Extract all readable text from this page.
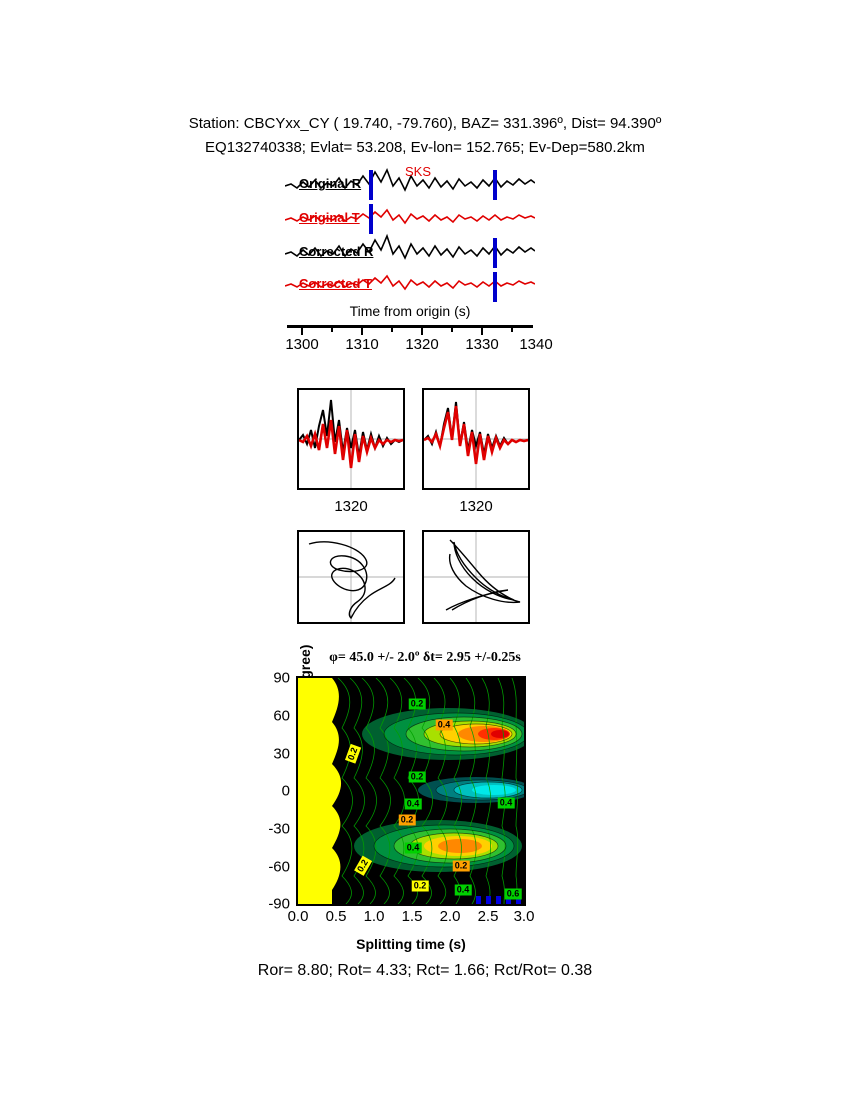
Station: CBCYxx_CY ( 19.740, -79.760), BAZ= 331.396º, Dist= 94.390º
EQ132740338; Evlat= 53.208, Ev-lon= 152.765; Ev-Dep=580.2km
Original R
Original T
Corrected R
Corrected T
SKS
Time from origin (s)
1300 1310 1320 1330 1340
1320	1320
φ= 45.0 +/- 2.0º δt= 2.95 +/-0.25s
90
60
30
0
-30
-60
-90
0.2
0.4
0.2
0.2
0.4	0.4
0.2
0.4
0.2	0.2
0.2	0.4	0.6
0.0 0.5 1.0 1.5 2.0 2.5 3.0
Splitting time (s)
Ror= 8.80; Rot= 4.33; Rct= 1.66; Rct/Rot= 0.38
